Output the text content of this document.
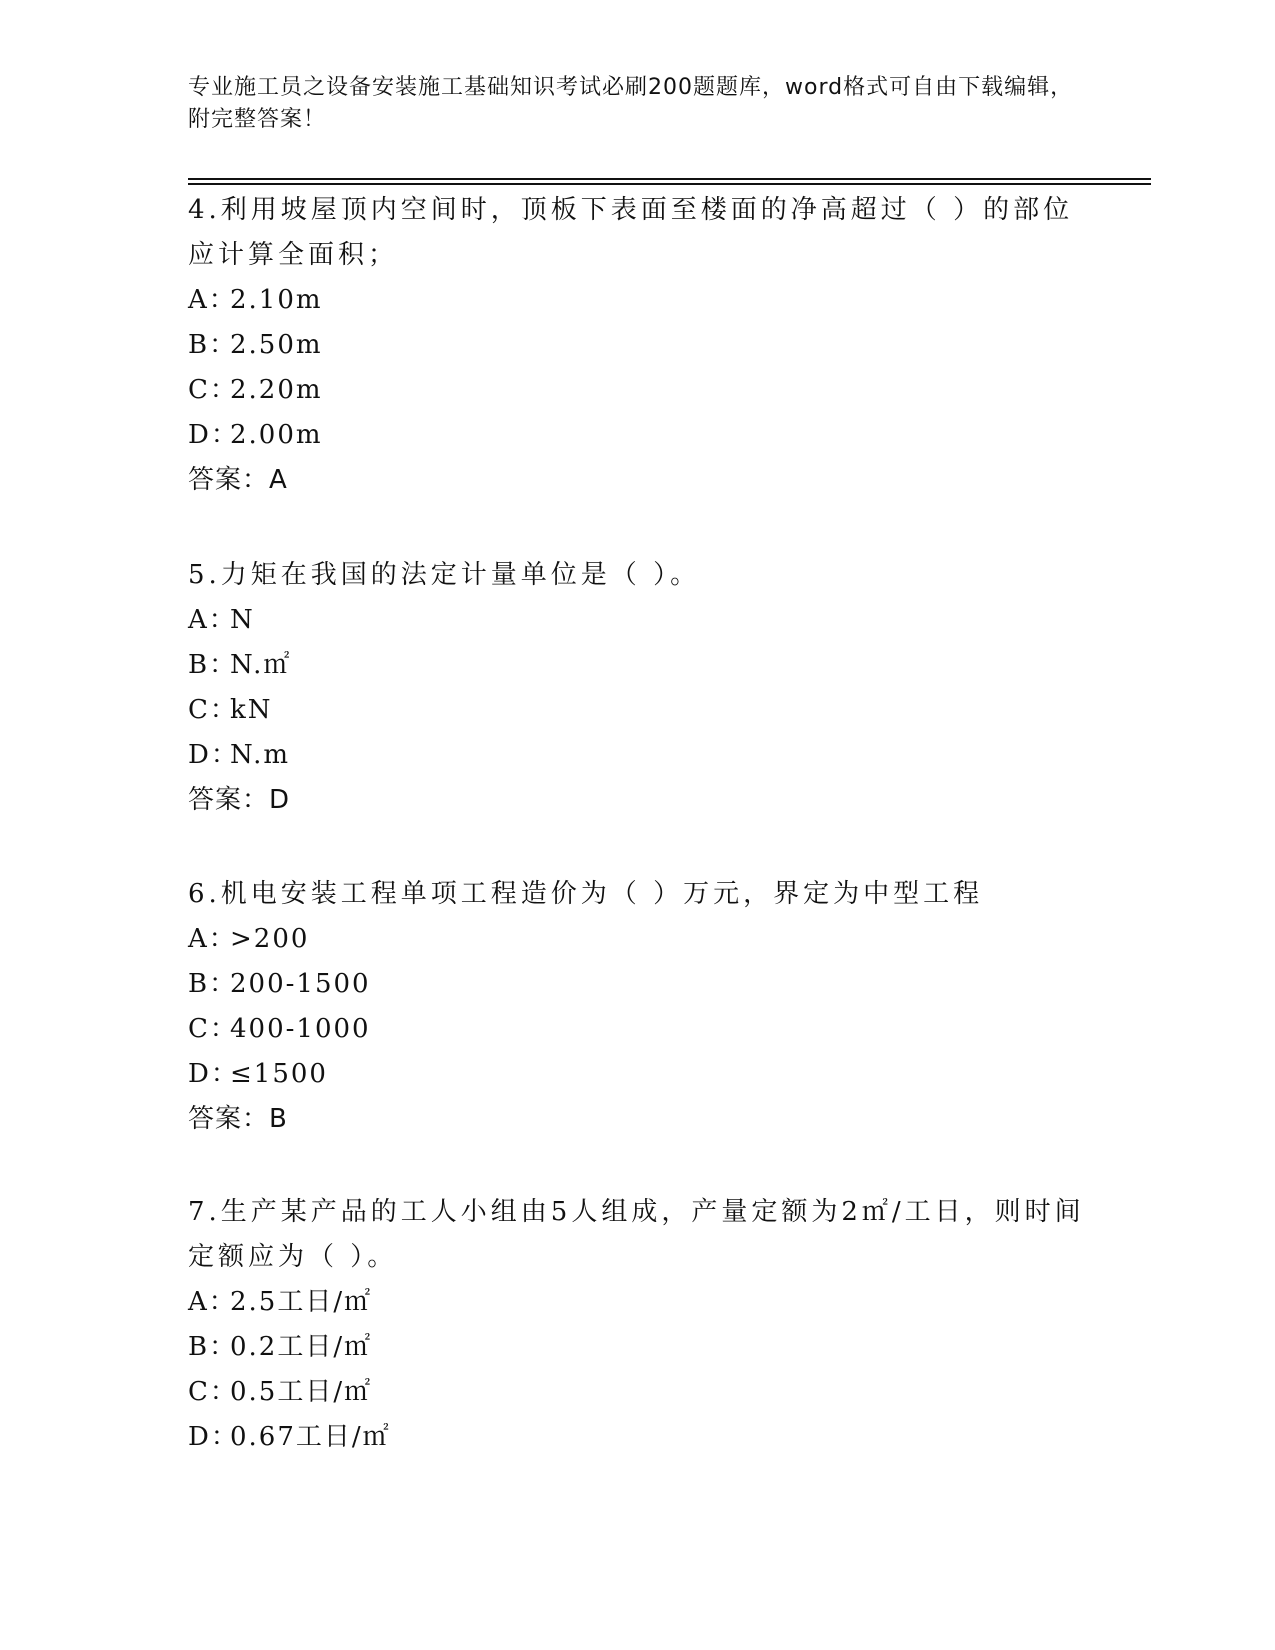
专业施工员之设备安装施工基础知识考试必刷200题题库，word格式可自由下载编辑，附完整答案！

4.利用坡屋顶内空间时，顶板下表面至楼面的净高超过（ ）的部位应计算全面积；

A：2.10m

B：2.50m

C：2.20m

D：2.00m

答案：A

5.力矩在我国的法定计量单位是（ ）。

A：N

B：N.㎡

C：kN

D：N.m

答案：D

6.机电安装工程单项工程造价为（ ）万元，界定为中型工程

A：>200

B：200-1500

C：400-1000

D：≤1500

答案：B

7.生产某产品的工人小组由5人组成，产量定额为2㎡/工日，则时间定额应为（ ）。

A：2.5工日/㎡

B：0.2工日/㎡

C：0.5工日/㎡

D：0.67工日/㎡
